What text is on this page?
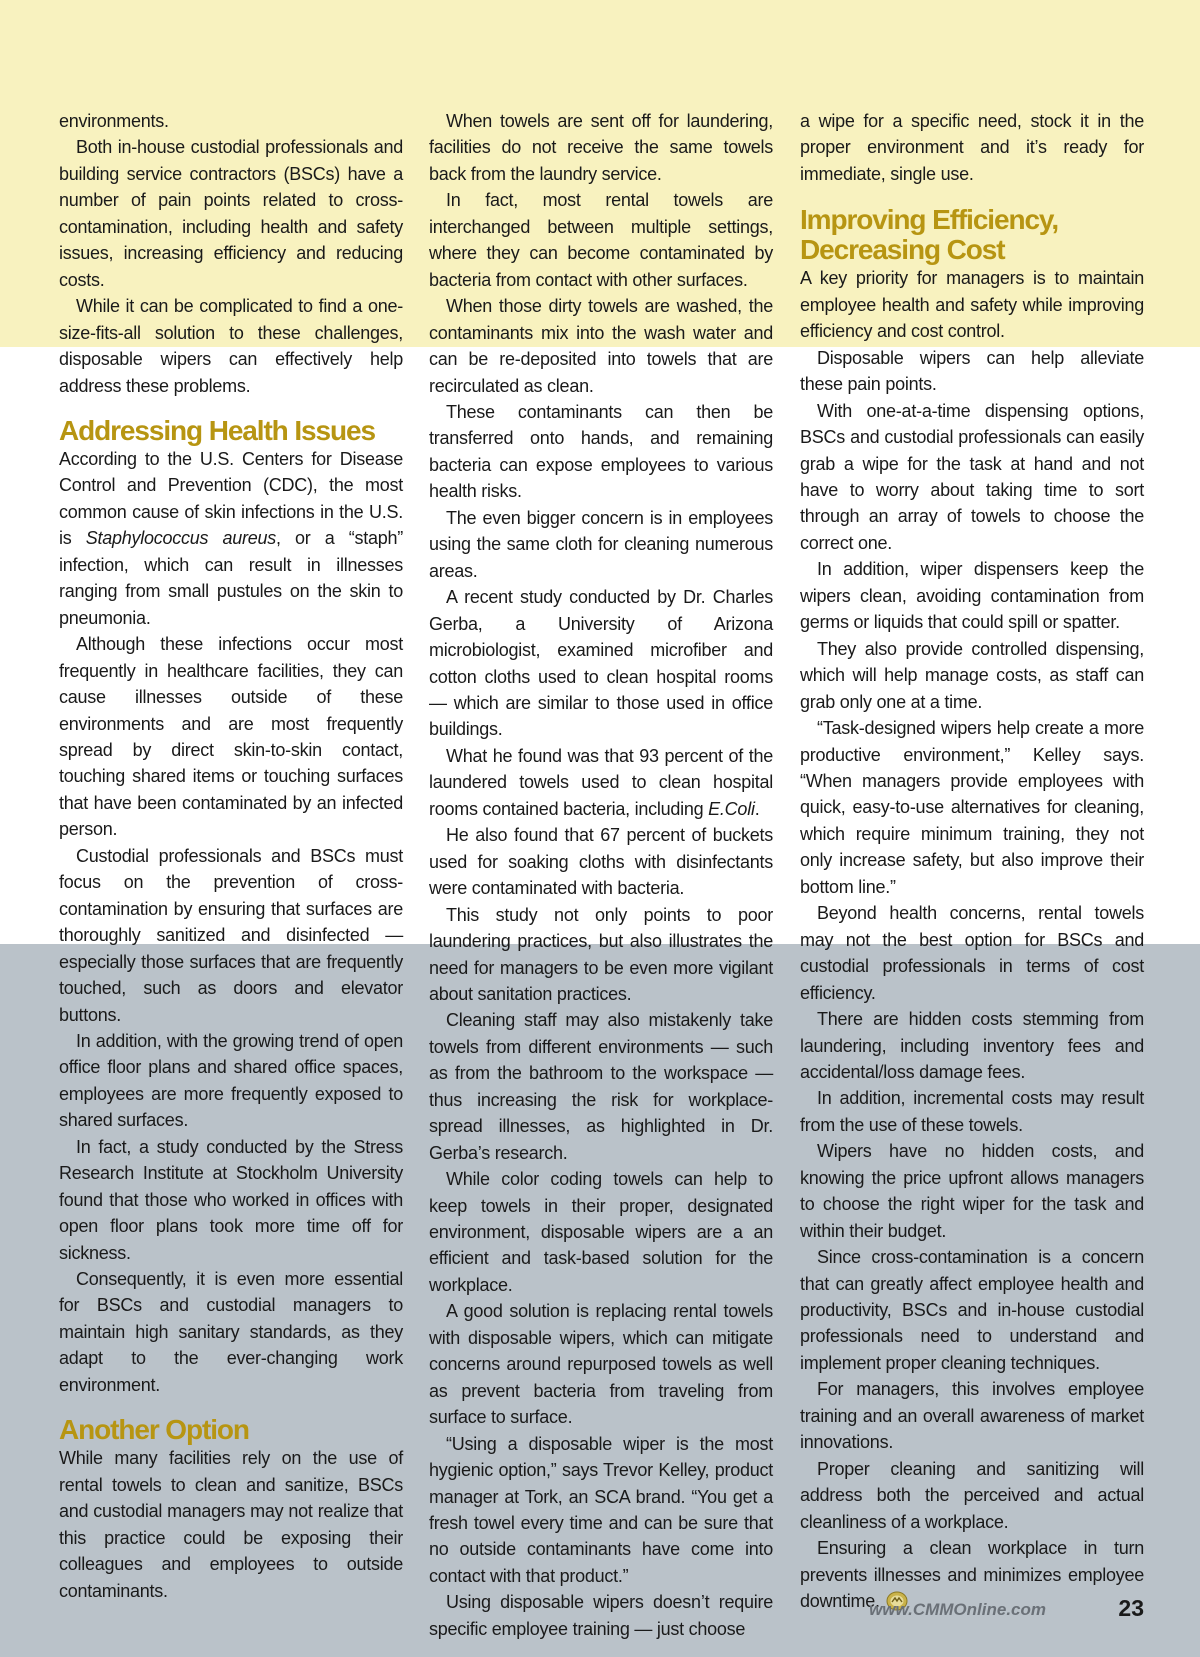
environments.

Both in-house custodial professionals and building service contractors (BSCs) have a number of pain points related to cross-contamination, including health and safety issues, increasing efficiency and reducing costs.

While it can be complicated to find a one-size-fits-all solution to these challenges, disposable wipers can effectively help address these problems.

Addressing Health Issues

According to the U.S. Centers for Disease Control and Prevention (CDC), the most common cause of skin infections in the U.S. is Staphylococcus aureus, or a “staph” infection, which can result in illnesses ranging from small pustules on the skin to pneumonia.

Although these infections occur most frequently in healthcare facilities, they can cause illnesses outside of these environments and are most frequently spread by direct skin-to-skin contact, touching shared items or touching surfaces that have been contaminated by an infected person.

Custodial professionals and BSCs must focus on the prevention of cross-contamination by ensuring that surfaces are thoroughly sanitized and disinfected — especially those surfaces that are frequently touched, such as doors and elevator buttons.

In addition, with the growing trend of open office floor plans and shared office spaces, employees are more frequently exposed to shared surfaces.

In fact, a study conducted by the Stress Research Institute at Stockholm University found that those who worked in offices with open floor plans took more time off for sickness.

Consequently, it is even more essential for BSCs and custodial managers to maintain high sanitary standards, as they adapt to the ever-changing work environment.

Another Option

While many facilities rely on the use of rental towels to clean and sanitize, BSCs and custodial managers may not realize that this practice could be exposing their colleagues and employees to outside contaminants.

When towels are sent off for laundering, facilities do not receive the same towels back from the laundry service.

In fact, most rental towels are interchanged between multiple settings, where they can become contaminated by bacteria from contact with other surfaces.

When those dirty towels are washed, the contaminants mix into the wash water and can be re-deposited into towels that are recirculated as clean.

These contaminants can then be transferred onto hands, and remaining bacteria can expose employees to various health risks.

The even bigger concern is in employees using the same cloth for cleaning numerous areas.

A recent study conducted by Dr. Charles Gerba, a University of Arizona microbiologist, examined microfiber and cotton cloths used to clean hospital rooms — which are similar to those used in office buildings.

What he found was that 93 percent of the laundered towels used to clean hospital rooms contained bacteria, including E.Coli.

He also found that 67 percent of buckets used for soaking cloths with disinfectants were contaminated with bacteria.

This study not only points to poor laundering practices, but also illustrates the need for managers to be even more vigilant about sanitation practices.

Cleaning staff may also mistakenly take towels from different environments — such as from the bathroom to the workspace — thus increasing the risk for workplace-spread illnesses, as highlighted in Dr. Gerba’s research.

While color coding towels can help to keep towels in their proper, designated environment, disposable wipers are a an efficient and task-based solution for the workplace.

A good solution is replacing rental towels with disposable wipers, which can mitigate concerns around repurposed towels as well as prevent bacteria from traveling from surface to surface.

“Using a disposable wiper is the most hygienic option,” says Trevor Kelley, product manager at Tork, an SCA brand. “You get a fresh towel every time and can be sure that no outside contaminants have come into contact with that product.”

Using disposable wipers doesn’t require specific employee training — just choose

a wipe for a specific need, stock it in the proper environment and it’s ready for immediate, single use.

Improving Efficiency,
Decreasing Cost

A key priority for managers is to maintain employee health and safety while improving efficiency and cost control.

Disposable wipers can help alleviate these pain points.

With one-at-a-time dispensing options, BSCs and custodial professionals can easily grab a wipe for the task at hand and not have to worry about taking time to sort through an array of towels to choose the correct one.

In addition, wiper dispensers keep the wipers clean, avoiding contamination from germs or liquids that could spill or spatter.

They also provide controlled dispensing, which will help manage costs, as staff can grab only one at a time.

“Task-designed wipers help create a more productive environment,” Kelley says. “When managers provide employees with quick, easy-to-use alternatives for cleaning, which require minimum training, they not only increase safety, but also improve their bottom line.”

Beyond health concerns, rental towels may not the best option for BSCs and custodial professionals in terms of cost efficiency.

There are hidden costs stemming from laundering, including inventory fees and accidental/loss damage fees.

In addition, incremental costs may result from the use of these towels.

Wipers have no hidden costs, and knowing the price upfront allows managers to choose the right wiper for the task and within their budget.

Since cross-contamination is a concern that can greatly affect employee health and productivity, BSCs and in-house custodial professionals need to understand and implement proper cleaning techniques.

For managers, this involves employee training and an overall awareness of market innovations.

Proper cleaning and sanitizing will address both the perceived and actual cleanliness of a workplace.

Ensuring a clean workplace in turn prevents illnesses and minimizes employee downtime.

www.CMMOnline.com	23
